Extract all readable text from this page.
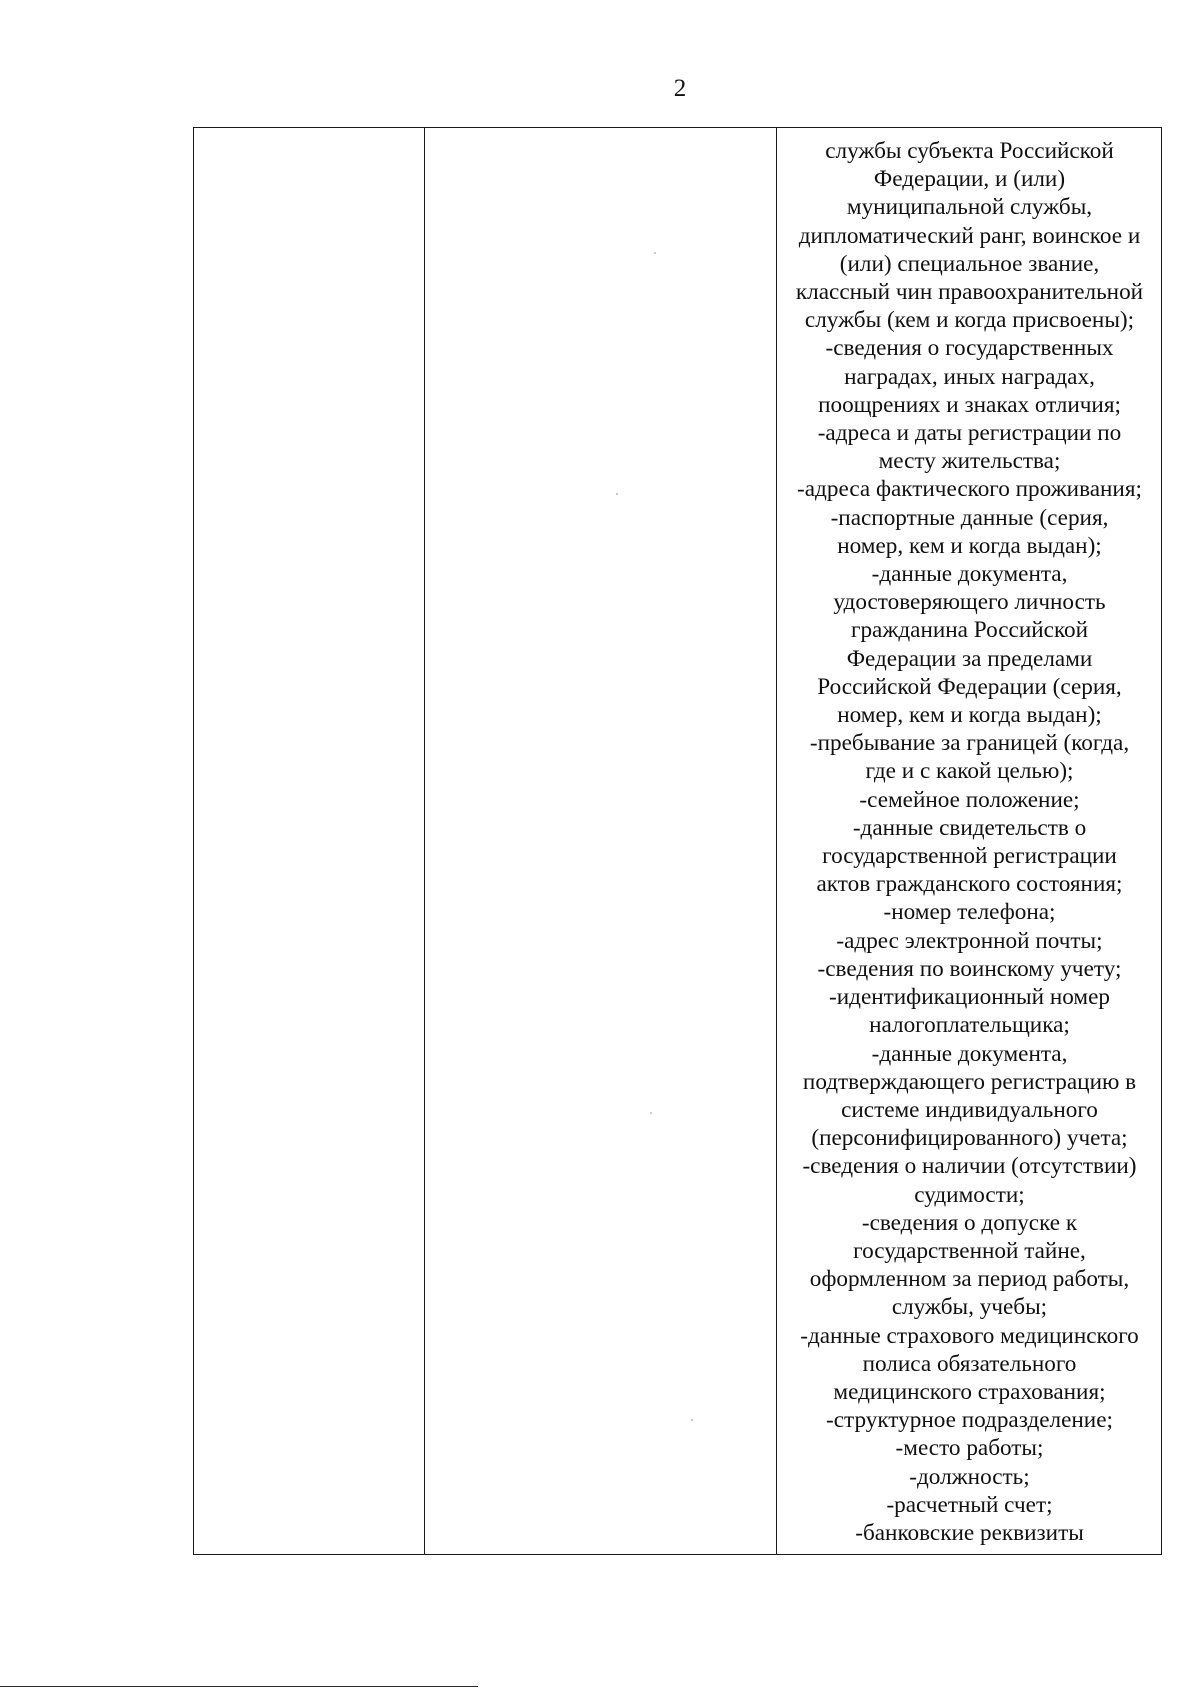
2
службы субъекта Российской
Федерации, и (или)
муниципальной службы,
дипломатический ранг, воинское и
(или) специальное звание,
классный чин правоохранительной
службы (кем и когда присвоены);
-сведения о государственных
наградах, иных наградах,
поощрениях и знаках отличия;
-адреса и даты регистрации по
месту жительства;
-адреса фактического проживания;
-паспортные данные (серия,
номер, кем и когда выдан);
-данные документа,
удостоверяющего личность
гражданина Российской
Федерации за пределами
Российской Федерации (серия,
номер, кем и когда выдан);
-пребывание за границей (когда,
где и с какой целью);
-семейное положение;
-данные свидетельств о
государственной регистрации
актов гражданского состояния;
-номер телефона;
-адрес электронной почты;
-сведения по воинскому учету;
-идентификационный номер
налогоплательщика;
-данные документа,
подтверждающего регистрацию в
системе индивидуального
(персонифицированного) учета;
-сведения о наличии (отсутствии)
судимости;
-сведения о допуске к
государственной тайне,
оформленном за период работы,
службы, учебы;
-данные страхового медицинского
полиса обязательного
медицинского страхования;
-структурное подразделение;
-место работы;
-должность;
-расчетный счет;
-банковские реквизиты
